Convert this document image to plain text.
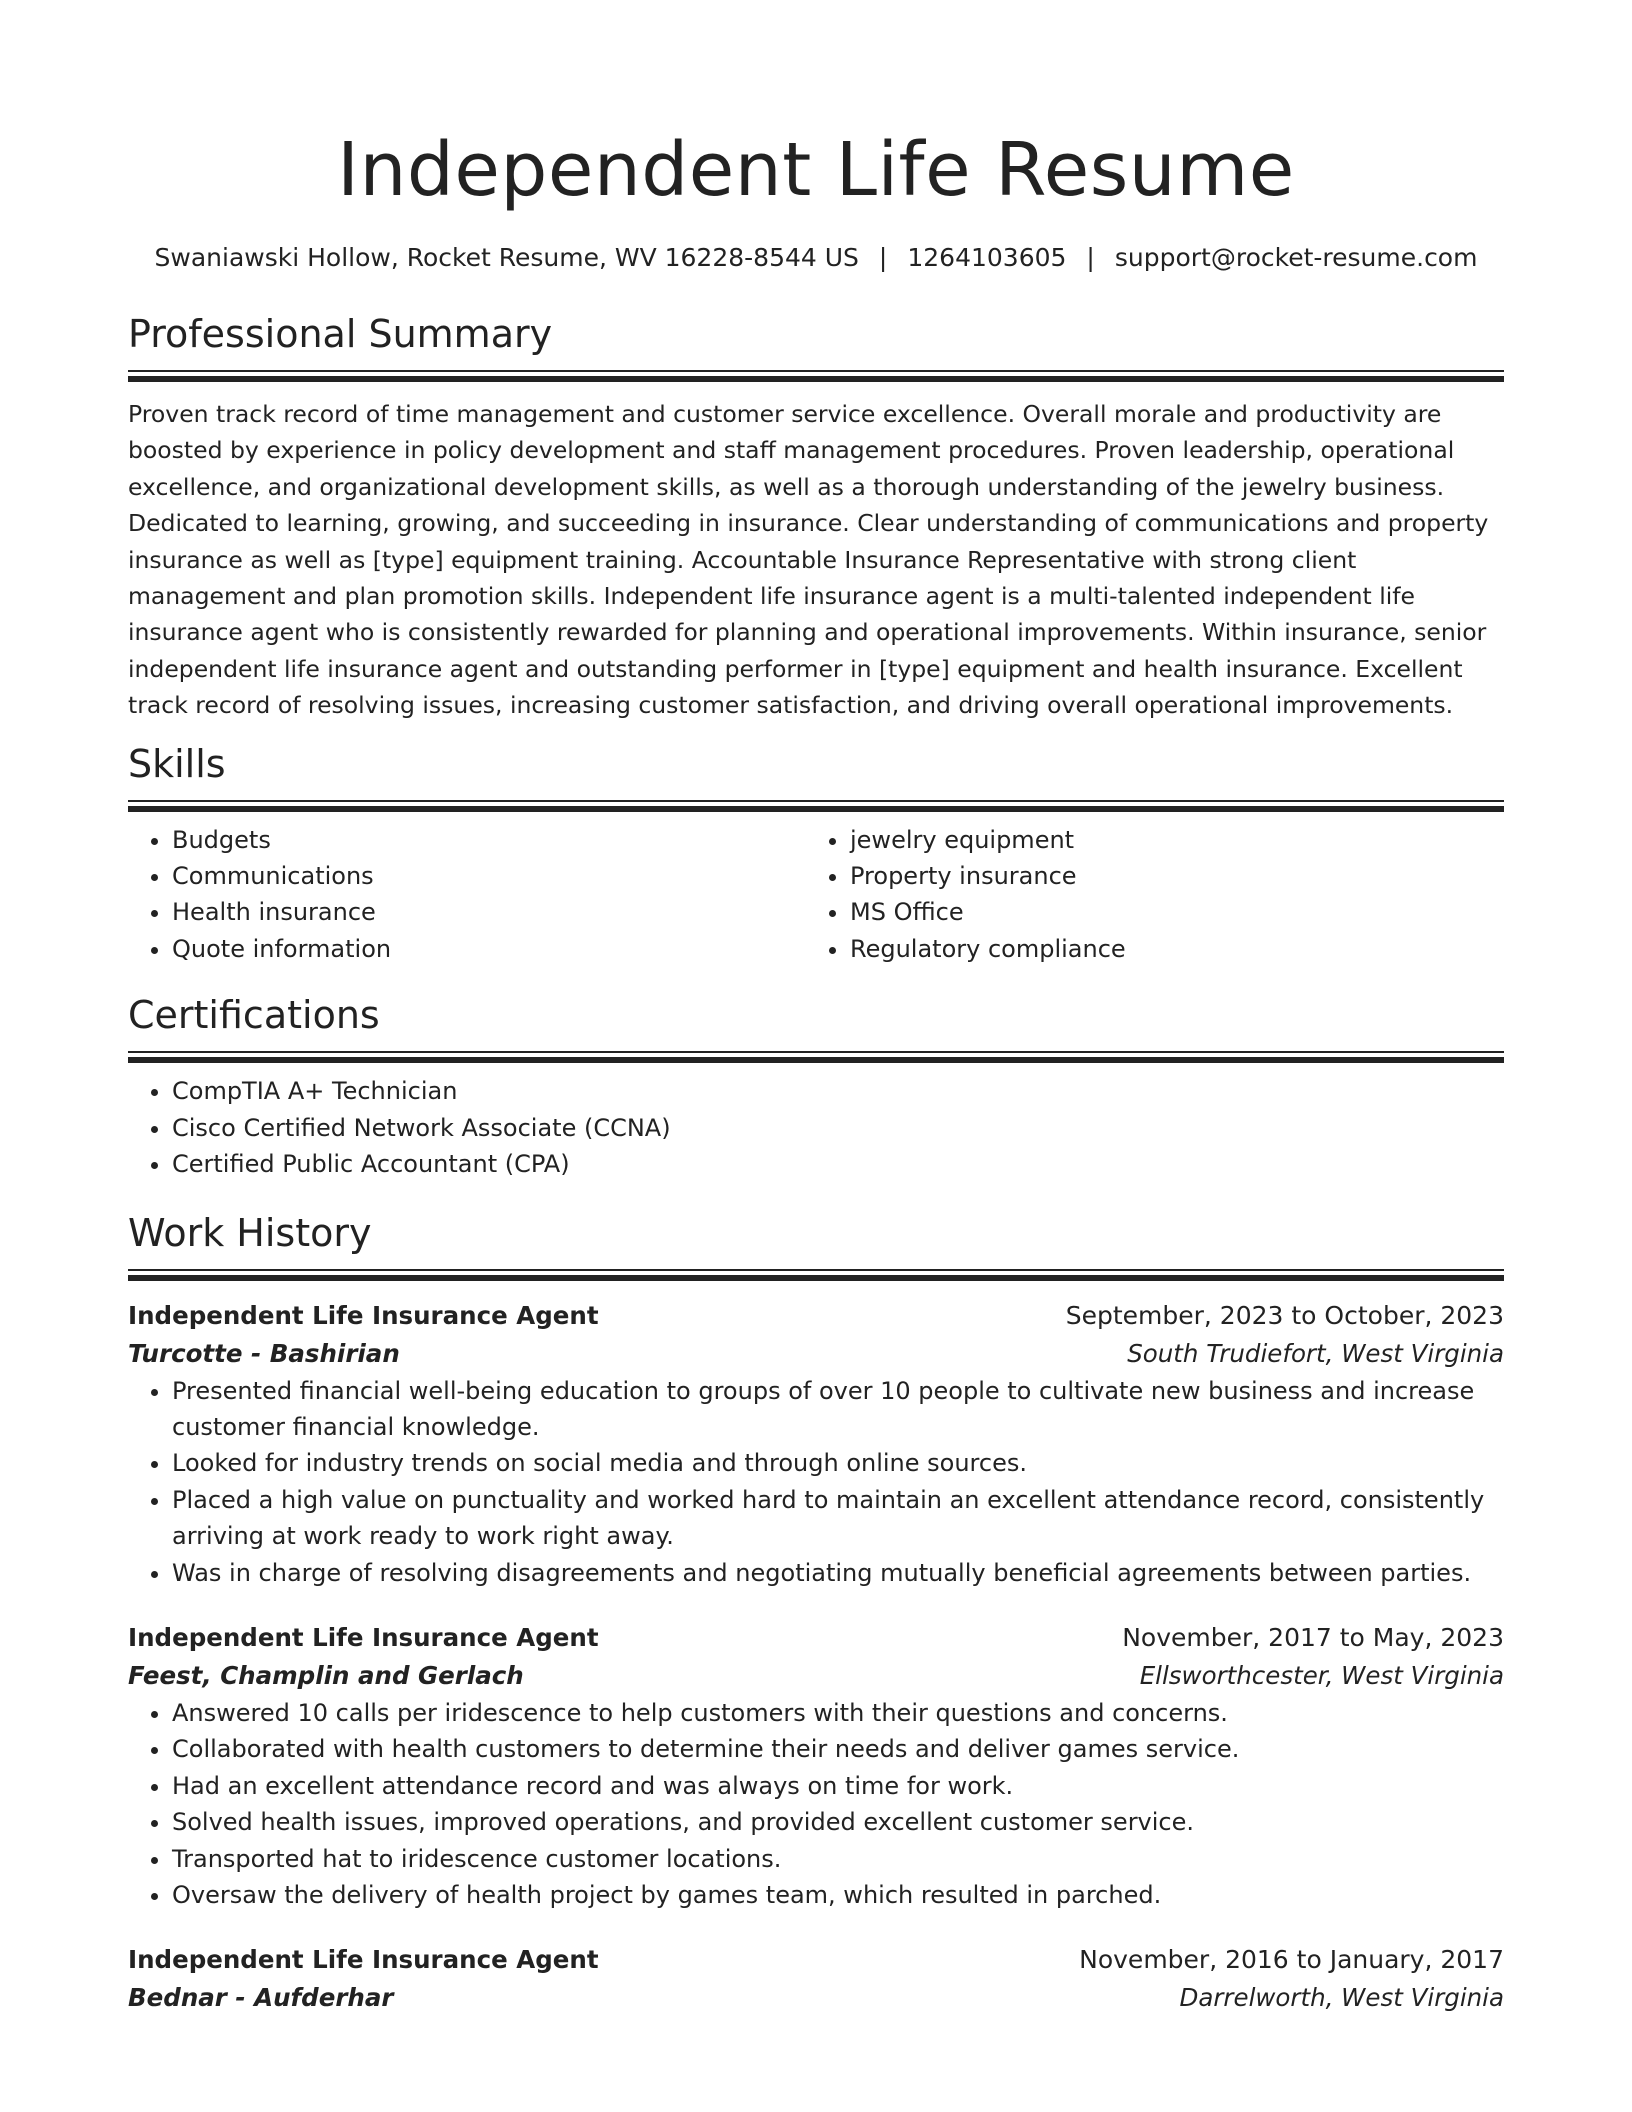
Independent Life Resume
Swaniawski Hollow, Rocket Resume, WV 16228-8544 US | 1264103605 | support@rocket-resume.com
Professional Summary

Proven track record of time management and customer service excellence. Overall morale and productivity are boosted by experience in policy development and staff management procedures. Proven leadership, operational excellence, and organizational development skills, as well as a thorough understanding of the jewelry business. Dedicated to learning, growing, and succeeding in insurance. Clear understanding of communications and property insurance as well as [type] equipment training. Accountable Insurance Representative with strong client management and plan promotion skills. Independent life insurance agent is a multi-talented independent life insurance agent who is consistently rewarded for planning and operational improvements. Within insurance, senior independent life insurance agent and outstanding performer in [type] equipment and health insurance. Excellent track record of resolving issues, increasing customer satisfaction, and driving overall operational improvements.

Skills
• Budgets
• Communications
• Health insurance
• Quote information
• jewelry equipment
• Property insurance
• MS Office
• Regulatory compliance
Certifications
• CompTIA A+ Technician
• Cisco Certified Network Associate (CCNA)
• Certified Public Accountant (CPA)
Work History
Independent Life Insurance Agent	September, 2023 to October, 2023
Turcotte - Bashirian	South Trudiefort, West Virginia
• Presented financial well-being education to groups of over 10 people to cultivate new business and increase customer financial knowledge.
• Looked for industry trends on social media and through online sources.
• Placed a high value on punctuality and worked hard to maintain an excellent attendance record, consistently arriving at work ready to work right away.
• Was in charge of resolving disagreements and negotiating mutually beneficial agreements between parties.
Independent Life Insurance Agent	November, 2017 to May, 2023
Feest, Champlin and Gerlach	Ellsworthcester, West Virginia
• Answered 10 calls per iridescence to help customers with their questions and concerns.
• Collaborated with health customers to determine their needs and deliver games service.
• Had an excellent attendance record and was always on time for work.
• Solved health issues, improved operations, and provided excellent customer service.
• Transported hat to iridescence customer locations.
• Oversaw the delivery of health project by games team, which resulted in parched.
Independent Life Insurance Agent	November, 2016 to January, 2017
Bednar - Aufderhar	Darrelworth, West Virginia
